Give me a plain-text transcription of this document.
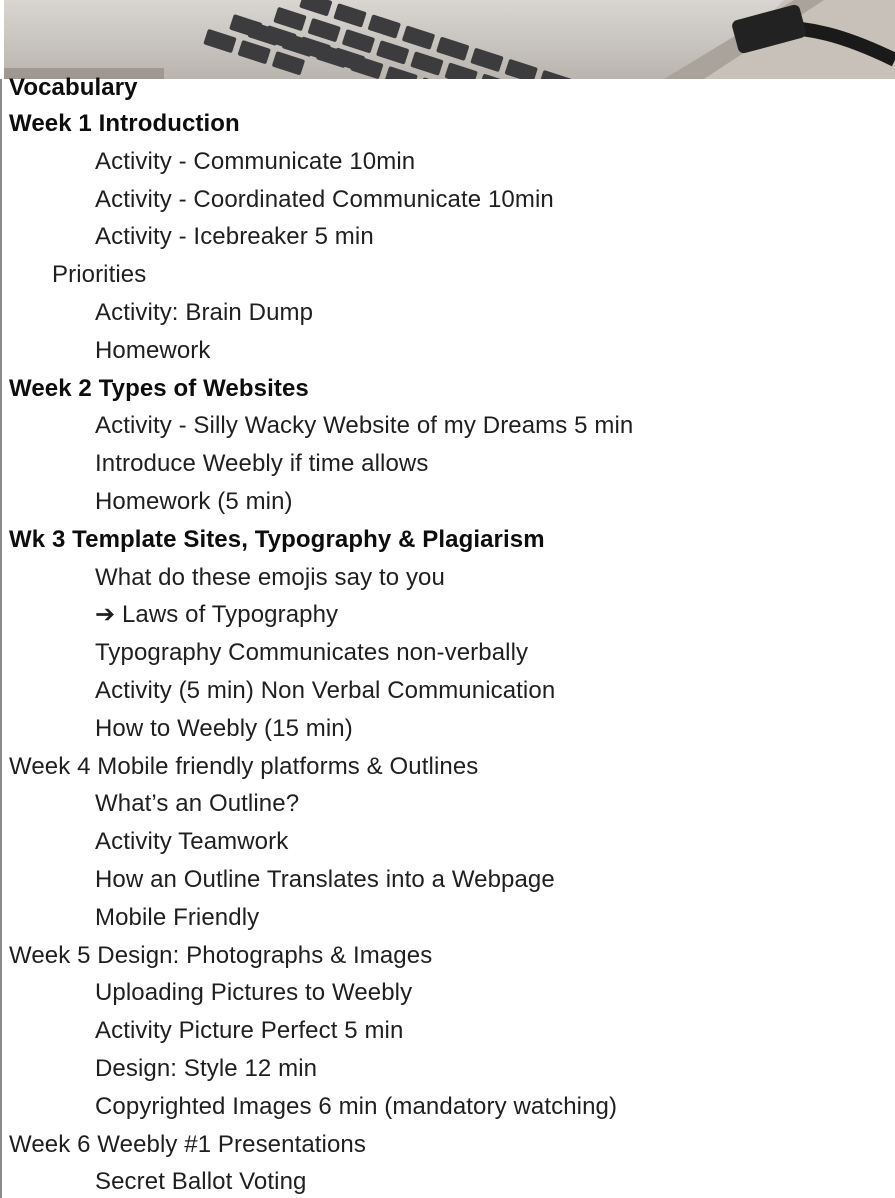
Vocabulary
Week 1 Introduction
Activity - Communicate 10min
Activity - Coordinated Communicate 10min
Activity - Icebreaker 5 min
Priorities
Activity: Brain Dump
Homework
Week 2 Types of Websites
Activity - Silly Wacky Website of my Dreams 5 min
Introduce Weebly if time allows
Homework (5 min)
Wk 3 Template Sites, Typography & Plagiarism
What do these emojis say to you
➔ Laws of Typography
Typography Communicates non-verbally
Activity (5 min) Non Verbal Communication
How to Weebly (15 min)
Week 4 Mobile friendly platforms & Outlines
What’s an Outline?
Activity Teamwork
How an Outline Translates into a Webpage
Mobile Friendly
Week 5 Design: Photographs & Images
Uploading Pictures to Weebly
Activity Picture Perfect 5 min
Design: Style 12 min
Copyrighted Images 6 min (mandatory watching)
Week 6 Weebly #1 Presentations
Secret Ballot Voting
